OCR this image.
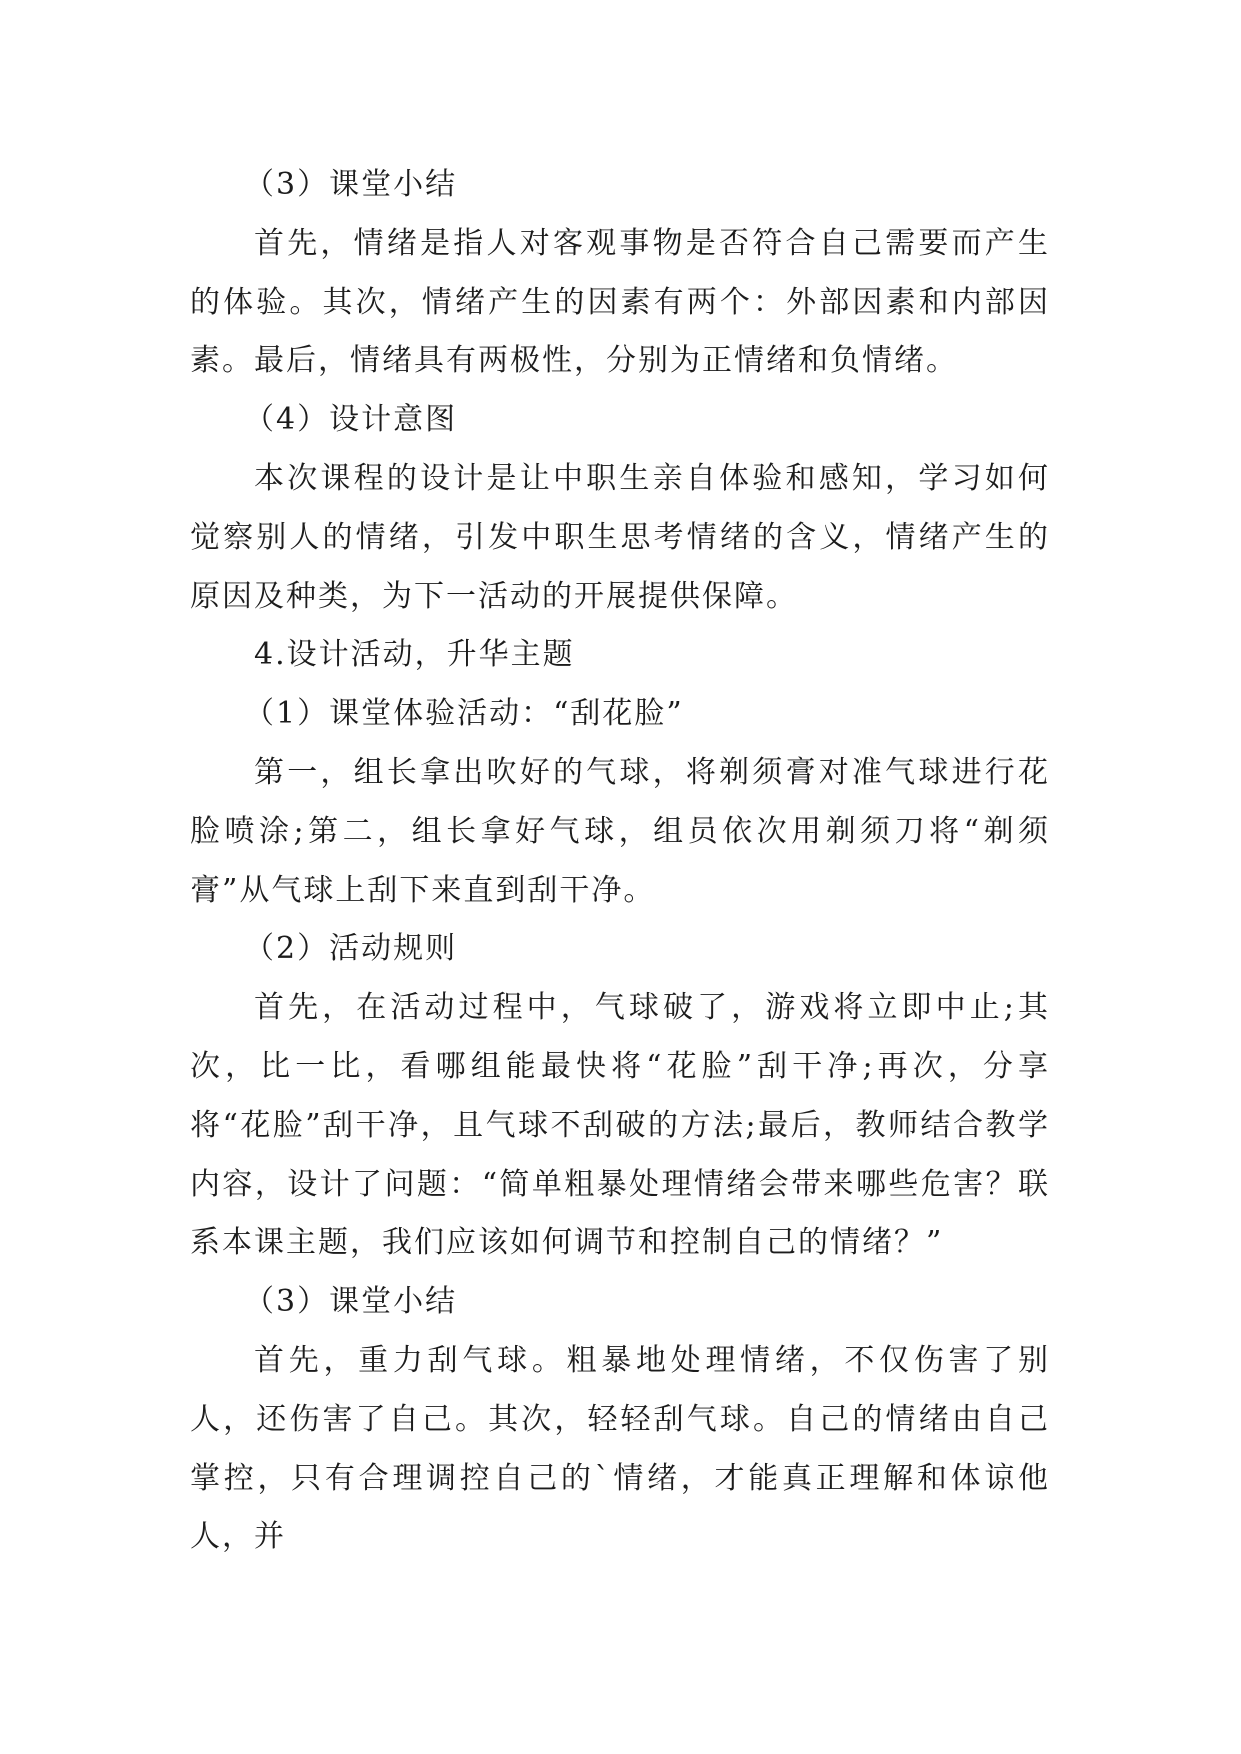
（3）课堂小结

首先，情绪是指人对客观事物是否符合自己需要而产生的体验。其次，情绪产生的因素有两个：外部因素和内部因素。最后，情绪具有两极性，分别为正情绪和负情绪。

（4）设计意图

本次课程的设计是让中职生亲自体验和感知，学习如何觉察别人的情绪，引发中职生思考情绪的含义，情绪产生的原因及种类，为下一活动的开展提供保障。

4.设计活动，升华主题

（1）课堂体验活动：“刮花脸”

第一，组长拿出吹好的气球，将剃须膏对准气球进行花脸喷涂;第二，组长拿好气球，组员依次用剃须刀将“剃须膏”从气球上刮下来直到刮干净。

（2）活动规则

首先，在活动过程中，气球破了，游戏将立即中止;其次，比一比，看哪组能最快将“花脸”刮干净;再次，分享将“花脸”刮干净，且气球不刮破的方法;最后，教师结合教学内容，设计了问题：“简单粗暴处理情绪会带来哪些危害？联系本课主题，我们应该如何调节和控制自己的情绪？”

（3）课堂小结

首先，重力刮气球。粗暴地处理情绪，不仅伤害了别人，还伤害了自己。其次，轻轻刮气球。自己的情绪由自己掌控，只有合理调控自己的`情绪，才能真正理解和体谅他人，并
